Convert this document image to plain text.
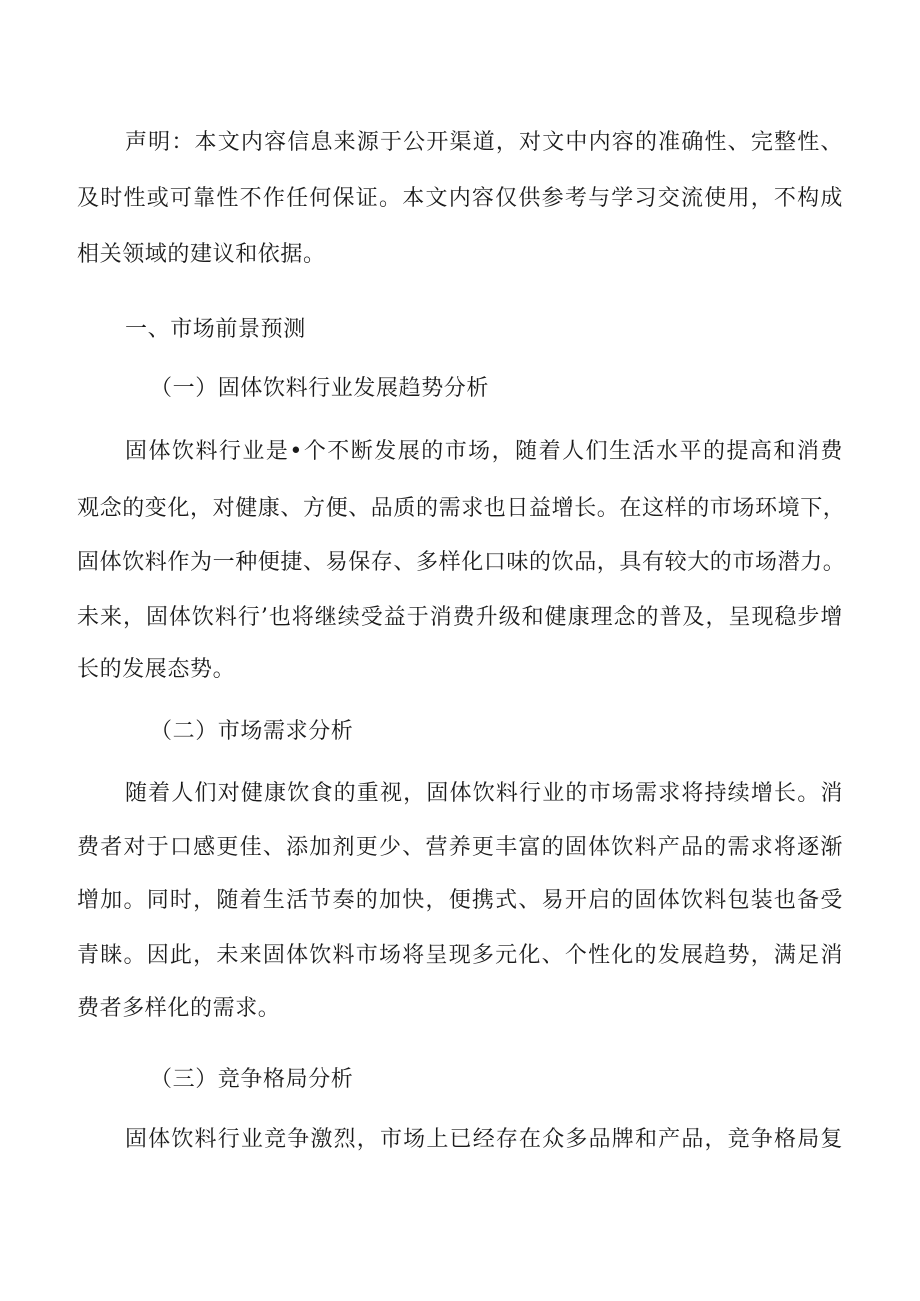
声明：本文内容信息来源于公开渠道，对文中内容的准确性、完整性、

及时性或可靠性不作任何保证。本文内容仅供参考与学习交流使用，不构成

相关领域的建议和依据。

一、市场前景预测

（一）固体饮料行业发展趋势分析

固体饮料行业是•个不断发展的市场，随着人们生活水平的提高和消费

观念的变化，对健康、方便、品质的需求也日益增长。在这样的市场环境下，

固体饮料作为一种便捷、易保存、多样化口味的饮品，具有较大的市场潜力。

未来，固体饮料行’也将继续受益于消费升级和健康理念的普及，呈现稳步增

长的发展态势。

（二）市场需求分析

随着人们对健康饮食的重视，固体饮料行业的市场需求将持续增长。消

费者对于口感更佳、添加剂更少、营养更丰富的固体饮料产品的需求将逐渐

增加。同时，随着生活节奏的加快，便携式、易开启的固体饮料包装也备受

青睐。因此，未来固体饮料市场将呈现多元化、个性化的发展趋势，满足消

费者多样化的需求。

（三）竞争格局分析

固体饮料行业竞争激烈，市场上已经存在众多品牌和产品，竞争格局复
